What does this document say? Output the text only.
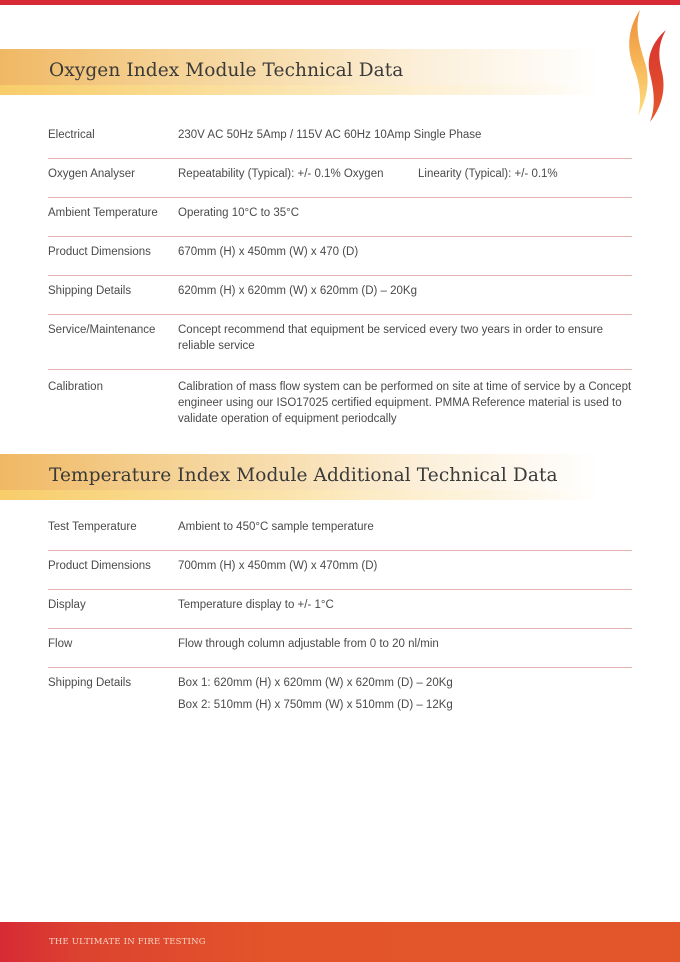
Oxygen Index Module Technical Data
Electrical	230V AC 50Hz 5Amp / 115V AC 60Hz 10Amp Single Phase
Oxygen Analyser	Repeatability (Typical): +/- 0.1% Oxygen	Linearity (Typical): +/- 0.1%
Ambient Temperature	Operating 10°C to 35°C
Product Dimensions	670mm (H) x 450mm (W) x 470 (D)
Shipping Details	620mm (H) x 620mm (W) x 620mm (D) – 20Kg
Service/Maintenance	Concept recommend that equipment be serviced every two years in order to ensure reliable service
Calibration	Calibration of mass flow system can be performed on site at time of service by a Concept engineer using our ISO17025 certified equipment. PMMA Reference material is used to validate operation of equipment periodcally
Temperature Index Module Additional Technical Data
Test Temperature	Ambient to 450°C sample temperature
Product Dimensions	700mm (H) x 450mm (W) x 470mm (D)
Display	Temperature display to +/- 1°C
Flow	Flow through column adjustable from 0 to 20 nl/min
Shipping Details	Box 1: 620mm (H) x 620mm (W) x 620mm (D) – 20Kg
Box 2: 510mm (H) x 750mm (W) x 510mm (D) – 12Kg
THE ULTIMATE IN FIRE TESTING
